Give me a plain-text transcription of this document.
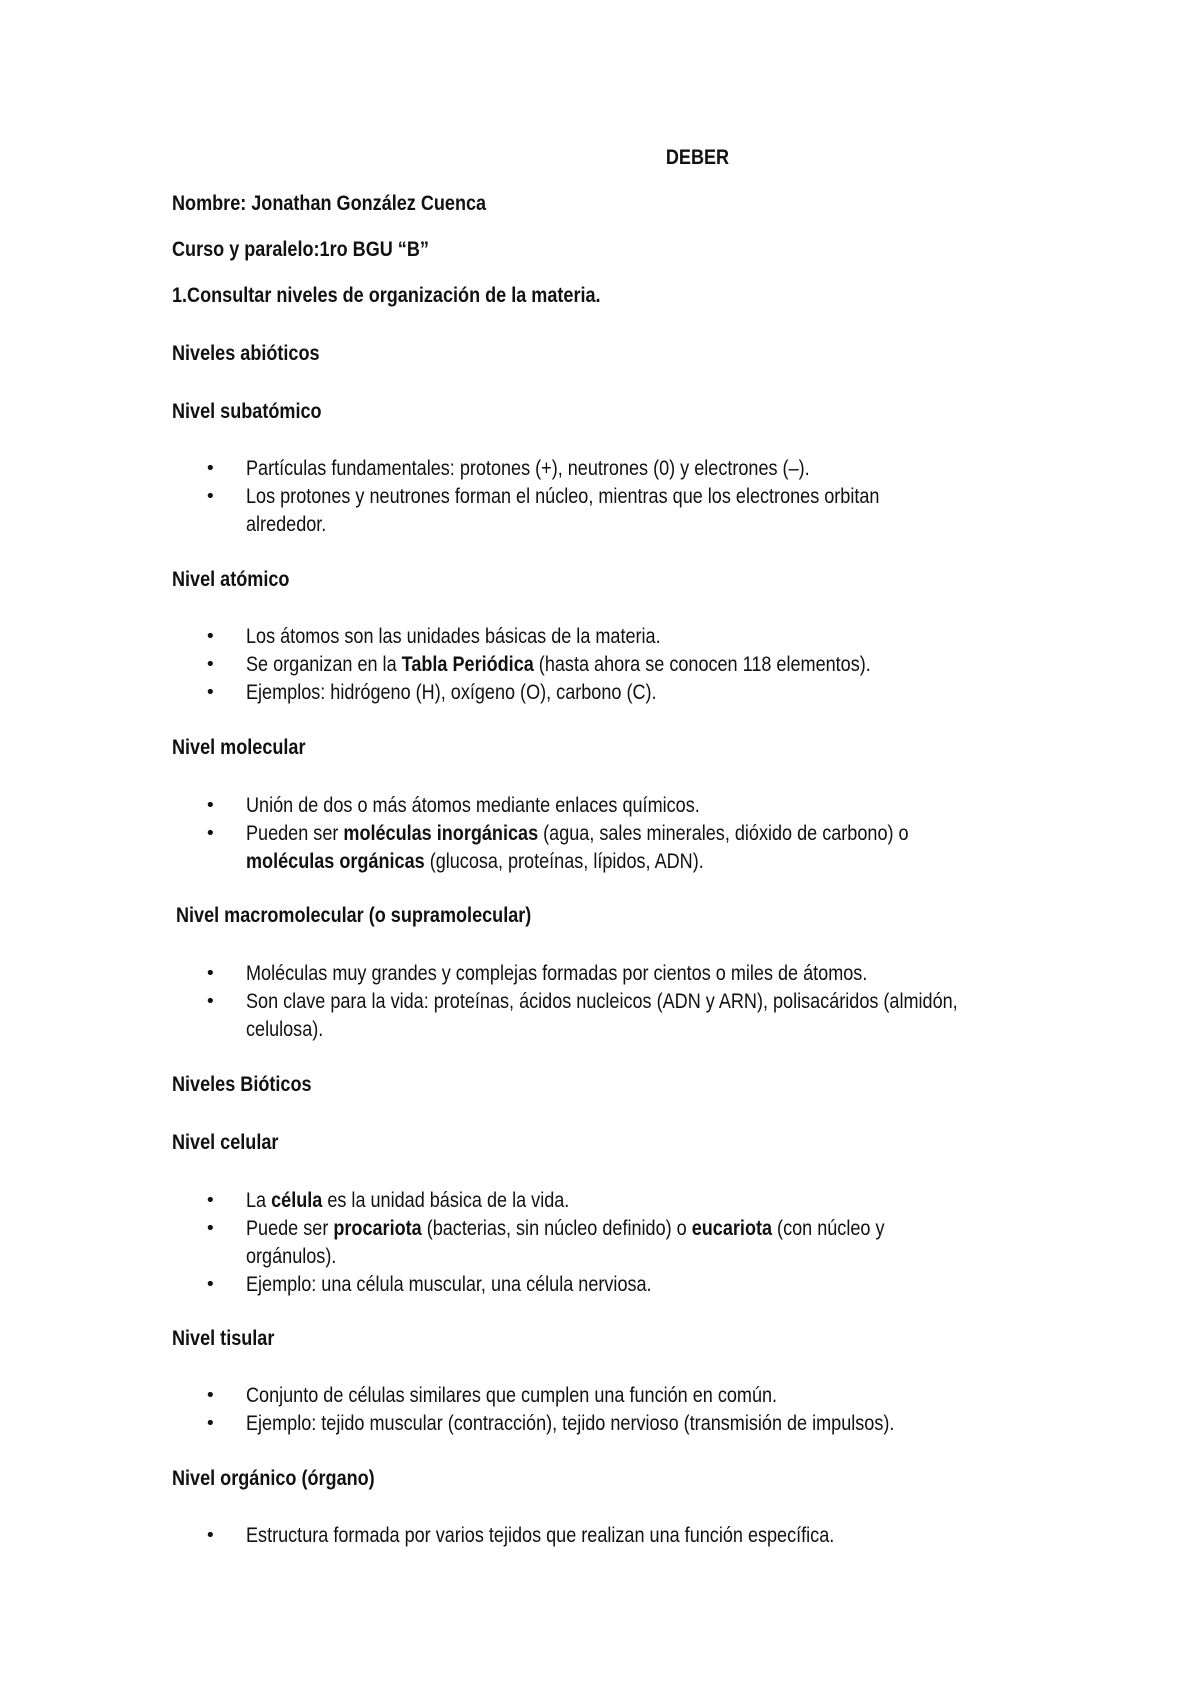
DEBER

Nombre: Jonathan González Cuenca

Curso y paralelo:1ro BGU “B”

1.Consultar niveles de organización de la materia.

Niveles abióticos

Nivel subatómico

• Partículas fundamentales: protones (+), neutrones (0) y electrones (–).

• Los protones y neutrones forman el núcleo, mientras que los electrones orbitan

alrededor.

Nivel atómico

• Los átomos son las unidades básicas de la materia.

• Se organizan en la Tabla Periódica (hasta ahora se conocen 118 elementos).

• Ejemplos: hidrógeno (H), oxígeno (O), carbono (C).

Nivel molecular

• Unión de dos o más átomos mediante enlaces químicos.

• Pueden ser moléculas inorgánicas (agua, sales minerales, dióxido de carbono) o

moléculas orgánicas (glucosa, proteínas, lípidos, ADN).

Nivel macromolecular (o supramolecular)

• Moléculas muy grandes y complejas formadas por cientos o miles de átomos.

• Son clave para la vida: proteínas, ácidos nucleicos (ADN y ARN), polisacáridos (almidón,

celulosa).

Niveles Bióticos

Nivel celular

• La célula es la unidad básica de la vida.

• Puede ser procariota (bacterias, sin núcleo definido) o eucariota (con núcleo y

orgánulos).

• Ejemplo: una célula muscular, una célula nerviosa.

Nivel tisular

• Conjunto de células similares que cumplen una función en común.

• Ejemplo: tejido muscular (contracción), tejido nervioso (transmisión de impulsos).

Nivel orgánico (órgano)

• Estructura formada por varios tejidos que realizan una función específica.
